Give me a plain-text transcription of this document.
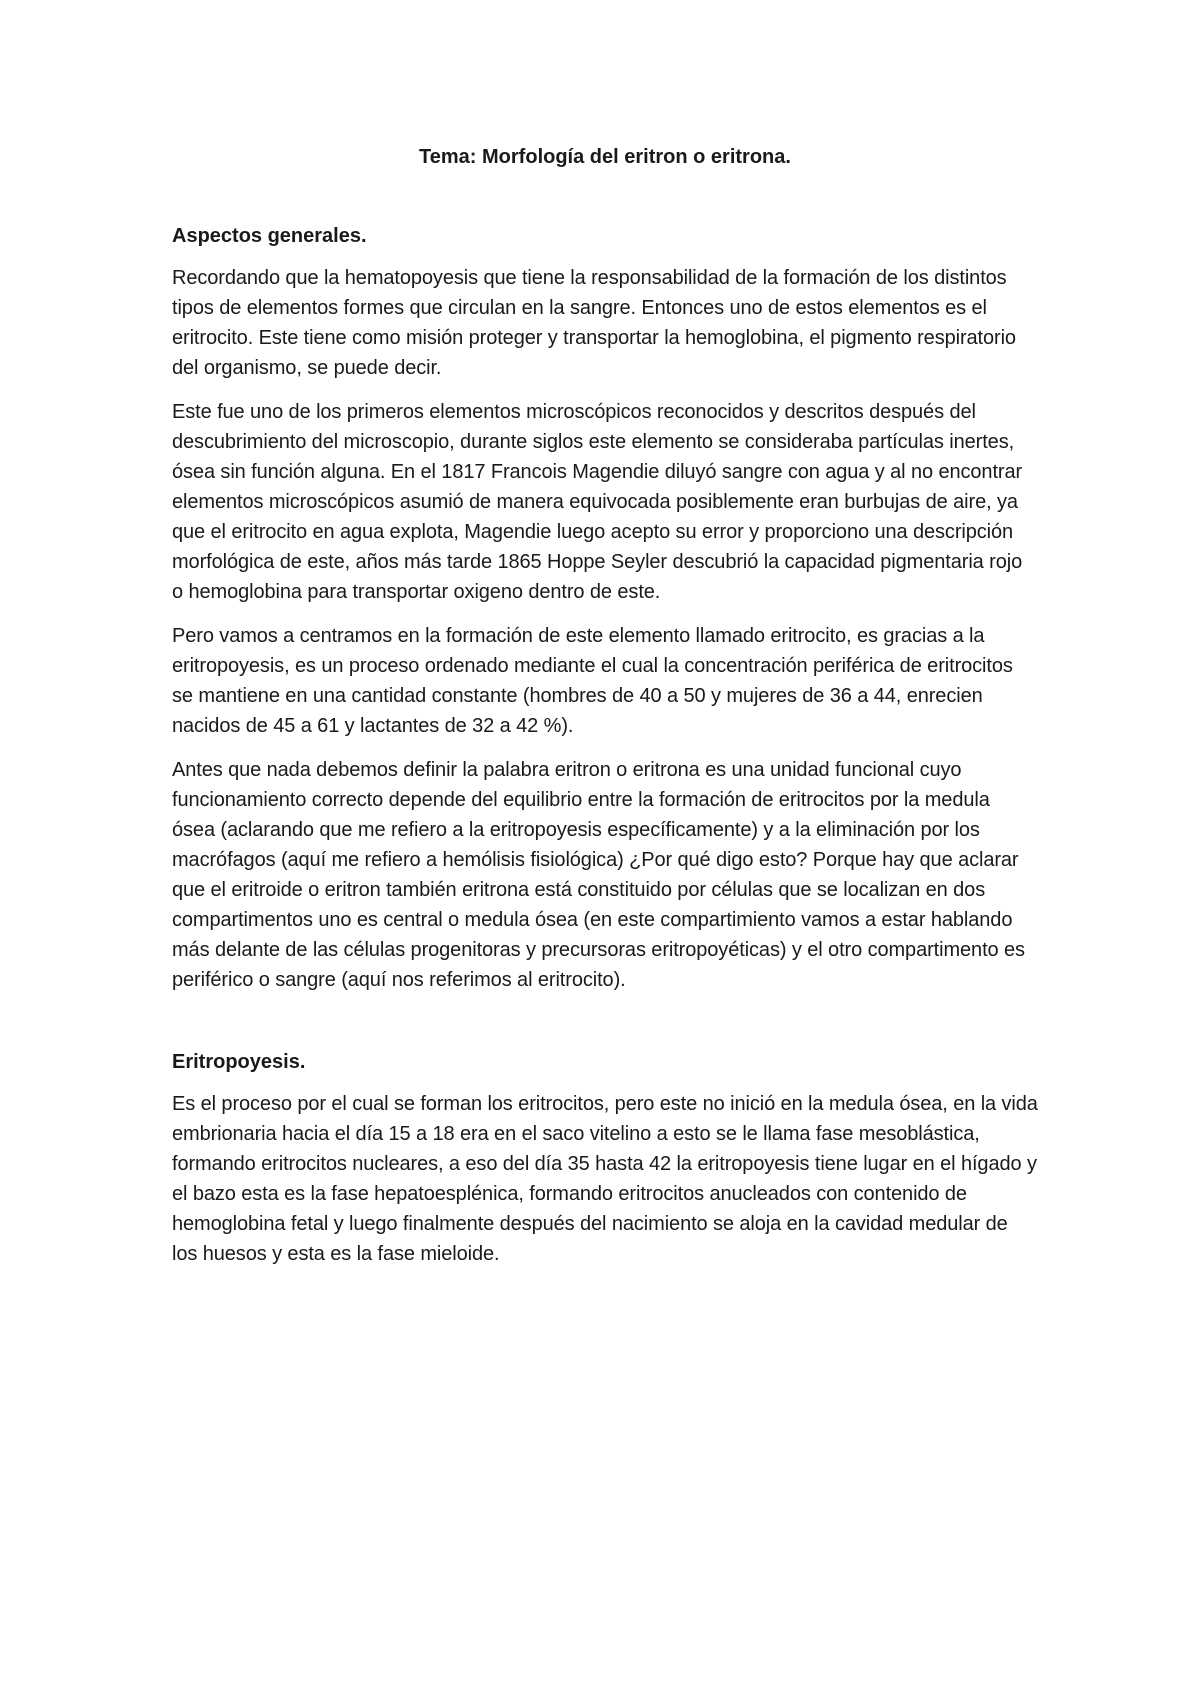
Tema: Morfología del eritron o eritrona.
Aspectos generales.

Recordando que la hematopoyesis que tiene la responsabilidad de la formación de los distintos tipos de elementos formes que circulan en la sangre. Entonces uno de estos elementos es el eritrocito. Este tiene como misión proteger y transportar la hemoglobina, el pigmento respiratorio del organismo, se puede decir.

Este fue uno de los primeros elementos microscópicos reconocidos y descritos después del descubrimiento del microscopio, durante siglos este elemento se consideraba partículas inertes, ósea sin función alguna. En el 1817 Francois Magendie diluyó sangre con agua y al no encontrar elementos microscópicos asumió de manera equivocada posiblemente eran burbujas de aire, ya que el eritrocito en agua explota, Magendie luego acepto su error y proporciono una descripción morfológica de este, años más tarde 1865 Hoppe Seyler descubrió la capacidad pigmentaria rojo o hemoglobina para transportar oxigeno dentro de este.

Pero vamos a centramos en la formación de este elemento llamado eritrocito, es gracias a la eritropoyesis, es un proceso ordenado mediante el cual la concentración periférica de eritrocitos se mantiene en una cantidad constante (hombres de 40 a 50 y mujeres de 36 a 44, enrecien nacidos de 45 a 61 y lactantes de 32 a 42 %).

Antes que nada debemos definir la palabra eritron o eritrona es una unidad funcional cuyo funcionamiento correcto depende del equilibrio entre la formación de eritrocitos por la medula ósea (aclarando que me refiero a la eritropoyesis específicamente) y a la eliminación por los macrófagos (aquí me refiero a hemólisis fisiológica) ¿Por qué digo esto? Porque hay que aclarar que el eritroide o eritron también eritrona está constituido por células que se localizan en dos compartimentos uno es central o medula ósea (en este compartimiento vamos a estar hablando más delante de las células progenitoras y precursoras eritropoyéticas) y el otro compartimento es periférico o sangre (aquí nos referimos al eritrocito).

Eritropoyesis.

Es el proceso por el cual se forman los eritrocitos, pero este no inició en la medula ósea, en la vida embrionaria hacia el día 15 a 18 era en el saco vitelino a esto se le llama fase mesoblástica, formando eritrocitos nucleares, a eso del día 35 hasta 42 la eritropoyesis tiene lugar en el hígado y el bazo esta es la fase hepatoesplénica, formando eritrocitos anucleados con contenido de hemoglobina fetal y luego finalmente después del nacimiento se aloja en la cavidad medular de los huesos y esta es la fase mieloide.
